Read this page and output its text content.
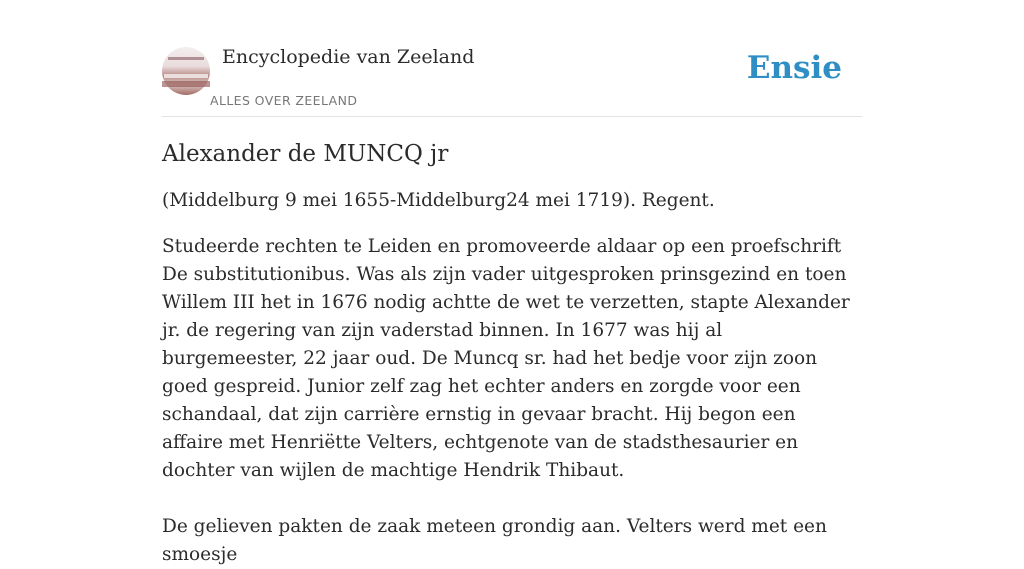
Encyclopedie van Zeeland
ALLES OVER ZEELAND
Ensie
Alexander de MUNCQ jr

(Middelburg 9 mei 1655-Middelburg24 mei 1719). Regent.

Studeerde rechten te Leiden en promoveerde aldaar op een proefschrift De substitutionibus. Was als zijn vader uitgesproken prinsgezind en toen Willem III het in 1676 nodig achtte de wet te verzetten, stapte Alexander jr. de regering van zijn vaderstad binnen. In 1677 was hij al burgemeester, 22 jaar oud. De Muncq sr. had het bedje voor zijn zoon goed gespreid. Junior zelf zag het echter anders en zorgde voor een schandaal, dat zijn carrière ernstig in gevaar bracht. Hij begon een affaire met Henriëtte Velters, echtgenote van de stadsthesaurier en dochter van wijlen de machtige Hendrik Thibaut.

De gelieven pakten de zaak meteen grondig aan. Velters werd met een smoesje
